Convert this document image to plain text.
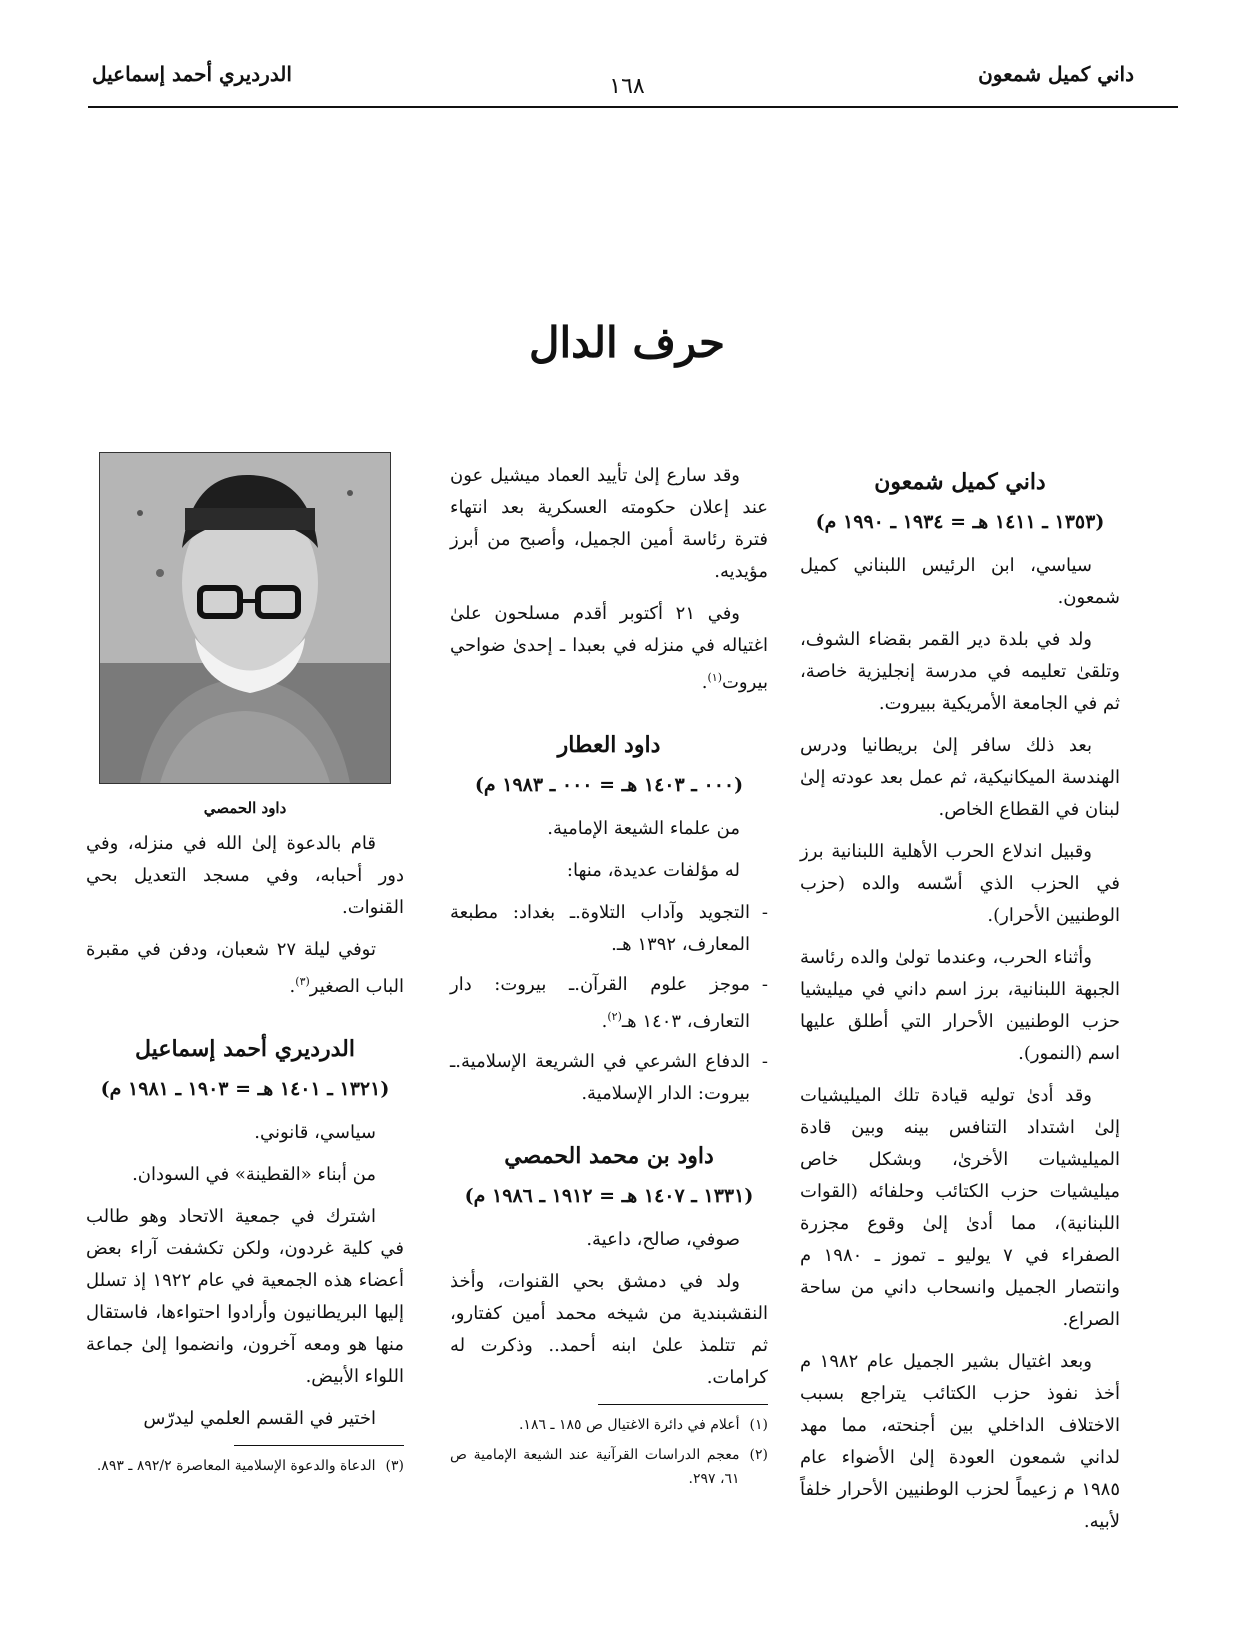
داني كميل شمعون
١٦٨
الدرديري أحمد إسماعيل
حرف الدال
داني كميل شمعون
(١٣٥٣ ـ ١٤١١ هـ = ١٩٣٤ ـ ١٩٩٠ م)

سياسي، ابن الرئيس اللبناني كميل شمعون.

ولد في بلدة دير القمر بقضاء الشوف، وتلقىٰ تعليمه في مدرسة إنجليزية خاصة، ثم في الجامعة الأمريكية ببيروت.

بعد ذلك سافر إلىٰ بريطانيا ودرس الهندسة الميكانيكية، ثم عمل بعد عودته إلىٰ لبنان في القطاع الخاص.

وقبيل اندلاع الحرب الأهلية اللبنانية برز في الحزب الذي أسّسه والده (حزب الوطنيين الأحرار).

وأثناء الحرب، وعندما تولىٰ والده رئاسة الجبهة اللبنانية، برز اسم داني في ميليشيا حزب الوطنيين الأحرار التي أطلق عليها اسم (النمور).

وقد أدىٰ توليه قيادة تلك الميليشيات إلىٰ اشتداد التنافس بينه وبين قادة الميليشيات الأخرىٰ، وبشكل خاص ميليشيات حزب الكتائب وحلفائه (القوات اللبنانية)، مما أدىٰ إلىٰ وقوع مجزرة الصفراء في ٧ يوليو ـ تموز ـ ١٩٨٠ م وانتصار الجميل وانسحاب داني من ساحة الصراع.

وبعد اغتيال بشير الجميل عام ١٩٨٢ م أخذ نفوذ حزب الكتائب يتراجع بسبب الاختلاف الداخلي بين أجنحته، مما مهد لداني شمعون العودة إلىٰ الأضواء عام ١٩٨٥ م زعيماً لحزب الوطنيين الأحرار خلفاً لأبيه.

وقد سارع إلىٰ تأييد العماد ميشيل عون عند إعلان حكومته العسكرية بعد انتهاء فترة رئاسة أمين الجميل، وأصبح من أبرز مؤيديه.

وفي ٢١ أكتوبر أقدم مسلحون علىٰ اغتياله في منزله في بعبدا ـ إحدىٰ ضواحي بيروت$^{(١)}$.

داود العطار
(٠٠٠ ـ ١٤٠٣ هـ = ٠٠٠ ـ ١٩٨٣ م)

من علماء الشيعة الإمامية.

له مؤلفات عديدة، منها:

- التجويد وآداب التلاوة.ـ بغداد: مطبعة المعارف، ١٣٩٢ هـ.
- موجز علوم القرآن.ـ بيروت: دار التعارف، ١٤٠٣ هـ$^{(٢)}$.
- الدفاع الشرعي في الشريعة الإسلامية.ـ بيروت: الدار الإسلامية.
داود بن محمد الحمصي
(١٣٣١ ـ ١٤٠٧ هـ = ١٩١٢ ـ ١٩٨٦ م)

صوفي، صالح، داعية.

ولد في دمشق بحي القنوات، وأخذ النقشبندية من شيخه محمد أمين كفتارو، ثم تتلمذ علىٰ ابنه أحمد.. وذكرت له كرامات.

(١)
أعلام في دائرة الاغتيال ص ١٨٥ ـ ١٨٦.
(٢)
معجم الدراسات القرآنية عند الشيعة الإمامية ص ٦١، ٢٩٧.
داود الحمصي

قام بالدعوة إلىٰ الله في منزله، وفي دور أحبابه، وفي مسجد التعديل بحي القنوات.

توفي ليلة ٢٧ شعبان، ودفن في مقبرة الباب الصغير$^{(٣)}$.

الدرديري أحمد إسماعيل
(١٣٢١ ـ ١٤٠١ هـ = ١٩٠٣ ـ ١٩٨١ م)

سياسي، قانوني.

من أبناء «القطينة» في السودان.

اشترك في جمعية الاتحاد وهو طالب في كلية غردون، ولكن تكشفت آراء بعض أعضاء هذه الجمعية في عام ١٩٢٢ إذ تسلل إليها البريطانيون وأرادوا احتواءها، فاستقال منها هو ومعه آخرون، وانضموا إلىٰ جماعة اللواء الأبيض.

اختير في القسم العلمي ليدرّس

(٣)
الدعاة والدعوة الإسلامية المعاصرة ٨٩٢/٢ ـ ٨٩٣.
